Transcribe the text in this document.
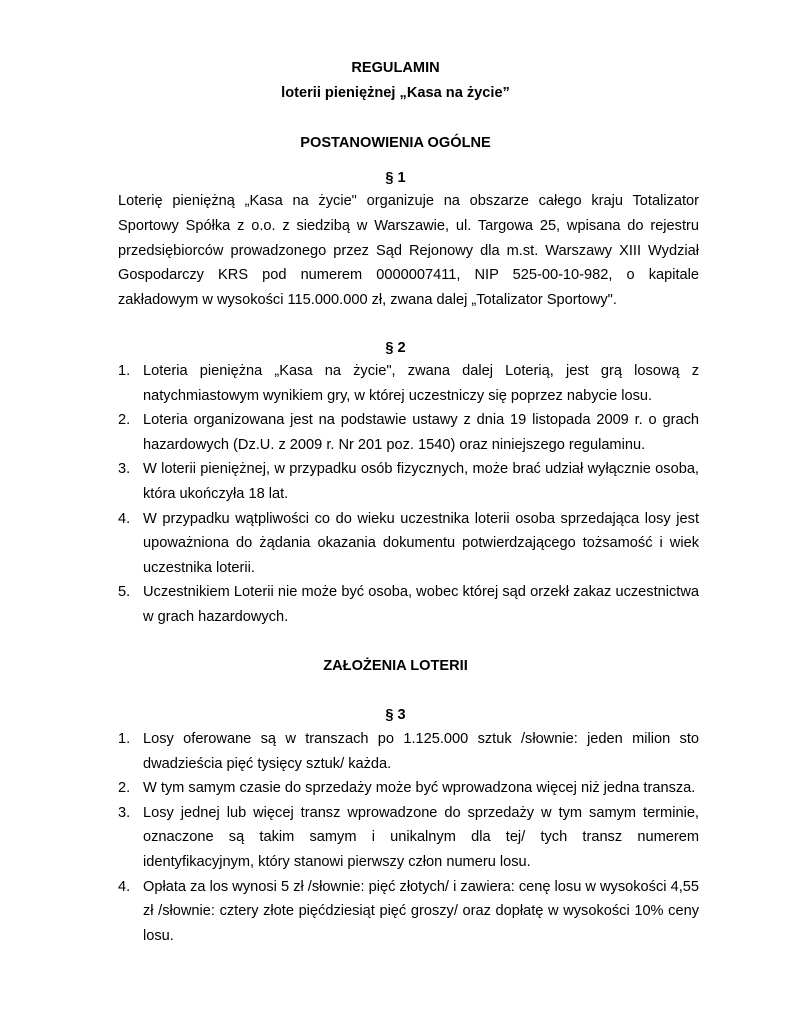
REGULAMIN

loterii pieniężnej „Kasa na życie”

POSTANOWIENIA OGÓLNE

§ 1

Loterię pieniężną „Kasa na życie" organizuje na obszarze całego kraju Totalizator Sportowy Spółka z o.o. z siedzibą w Warszawie, ul. Targowa 25, wpisana do rejestru przedsiębiorców prowadzonego przez Sąd Rejonowy dla m.st. Warszawy XIII Wydział Gospodarczy KRS pod numerem 0000007411, NIP 525-00-10-982, o kapitale zakładowym w wysokości 115.000.000 zł, zwana dalej „Totalizator Sportowy".

§ 2

1. Loteria pieniężna „Kasa na życie", zwana dalej Loterią, jest grą losową z natychmiastowym wynikiem gry, w której uczestniczy się poprzez nabycie losu.
2. Loteria organizowana jest na podstawie ustawy z dnia 19 listopada 2009 r. o grach hazardowych (Dz.U. z 2009 r. Nr 201 poz. 1540) oraz niniejszego regulaminu.
3. W loterii pieniężnej, w przypadku osób fizycznych, może brać udział wyłącznie osoba, która ukończyła 18 lat.
4. W przypadku wątpliwości co do wieku uczestnika loterii osoba sprzedająca losy jest upoważniona do żądania okazania dokumentu potwierdzającego tożsamość i wiek uczestnika loterii.
5. Uczestnikiem Loterii nie może być osoba, wobec której sąd orzekł zakaz uczestnictwa w grach hazardowych.

ZAŁOŻENIA LOTERII

§ 3

1. Losy oferowane są w transzach po 1.125.000 sztuk /słownie: jeden milion sto dwadzieścia pięć tysięcy sztuk/ każda.
2. W tym samym czasie do sprzedaży może być wprowadzona więcej niż jedna transza.
3. Losy jednej lub więcej transz wprowadzone do sprzedaży w tym samym terminie, oznaczone są takim samym i unikalnym dla tej/ tych transz numerem identyfikacyjnym, który stanowi pierwszy człon numeru losu.
4. Opłata za los wynosi 5 zł /słownie: pięć złotych/ i zawiera: cenę losu w wysokości 4,55 zł /słownie: cztery złote pięćdziesiąt pięć groszy/ oraz dopłatę w wysokości 10% ceny losu.
